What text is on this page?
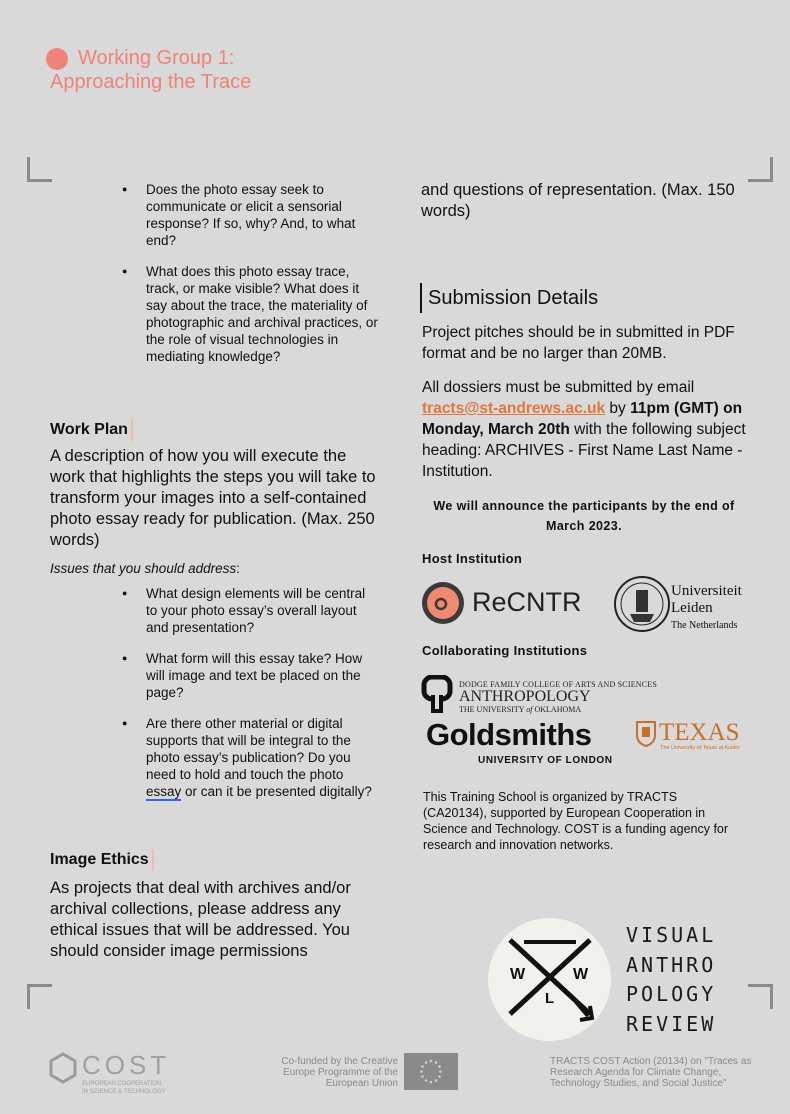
Working Group 1:
Approaching the Trace
● Does the photo essay seek to communicate or elicit a sensorial response? If so, why? And, to what end?
● What does this photo essay trace, track, or make visible? What does it say about the trace, the materiality of photographic and archival practices, or the role of visual technologies in mediating knowledge?
Work Plan
A description of how you will execute the work that highlights the steps you will take to transform your images into a self-contained photo essay ready for publication. (Max. 250 words)
Issues that you should address:
● What design elements will be central to your photo essay’s overall layout and presentation?
● What form will this essay take? How will image and text be placed on the page?
● Are there other material or digital supports that will be integral to the photo essay’s publication? Do you need to hold and touch the photo essay or can it be presented digitally?
Image Ethics
As projects that deal with archives and/or archival collections, please address any ethical issues that will be addressed. You should consider image permissions
and questions of representation. (Max. 150 words)
Submission Details
Project pitches should be in submitted in PDF format and be no larger than 20MB.
All dossiers must be submitted by email tracts@st-andrews.ac.uk by 11pm (GMT) on Monday, March 20th with the following subject heading: ARCHIVES - First Name Last Name - Institution.
We will announce the participants by the end of March 2023.
Host Institution
ReCNTR	Universiteit
Leiden
The Netherlands
Collaborating Institutions
DODGE FAMILY COLLEGE OF ARTS AND SCIENCES
ANTHROPOLOGY
THE UNIVERSITY of OKLAHOMA
Goldsmiths
UNIVERSITY OF LONDON
TEXAS
The University of Texas at Austin
This Training School is organized by TRACTS (CA20134), supported by European Cooperation in Science and Technology. COST is a funding agency for research and innovation networks.
W	W
L
VISUAL
ANTHRO
POLOGY
REVIEW
COST
EUROPEAN COOPERATION
IN SCIENCE & TECHNOLOGY
Co-funded by the Creative Europe Programme of the European Union
TRACTS COST Action (20134) on "Traces as Research Agenda for Climate Change, Technology Studies, and Social Justice"
